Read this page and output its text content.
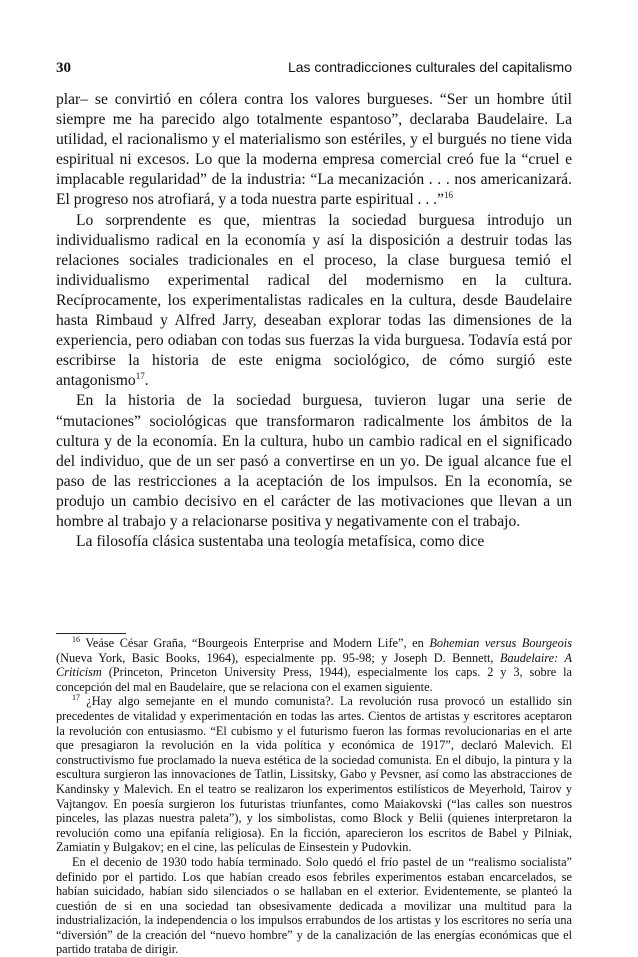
30	Las contradicciones culturales del capitalismo

plar– se convirtió en cólera contra los valores burgueses. “Ser un hombre útil siempre me ha parecido algo totalmente espantoso”, declaraba Baudelaire. La utilidad, el racionalismo y el materialismo son estériles, y el burgués no tiene vida espiritual ni excesos. Lo que la moderna empresa comercial creó fue la “cruel e implacable regularidad” de la industria: “La mecanización . . . nos americanizará. El progreso nos atrofiará, y a toda nuestra parte espiritual . . .”$^{16}$

Lo sorprendente es que, mientras la sociedad burguesa introdujo un individualismo radical en la economía y así la disposición a destruir todas las relaciones sociales tradicionales en el proceso, la clase burguesa temió el individualismo experimental radical del modernismo en la cultura. Recíprocamente, los experimentalistas radicales en la cultura, desde Baudelaire hasta Rimbaud y Alfred Jarry, deseaban explorar todas las dimensiones de la experiencia, pero odiaban con todas sus fuerzas la vida burguesa. Todavía está por escribirse la historia de este enigma sociológico, de cómo surgió este antagonismo$^{17}$.

En la historia de la sociedad burguesa, tuvieron lugar una serie de “mutaciones” sociológicas que transformaron radicalmente los ámbitos de la cultura y de la economía. En la cultura, hubo un cambio radical en el significado del individuo, que de un ser pasó a convertirse en un yo. De igual alcance fue el paso de las restricciones a la aceptación de los impulsos. En la economía, se produjo un cambio decisivo en el carácter de las motivaciones que llevan a un hombre al trabajo y a relacionarse positiva y negativamente con el trabajo.

La filosofía clásica sustentaba una teología metafísica, como dice

$^{16}$ Veáse César Graña, “Bourgeois Enterprise and Modern Life”, en Bohemian versus Bourgeois (Nueva York, Basic Books, 1964), especialmente pp. 95-98; y Joseph D. Bennett, Baudelaire: A Criticism (Princeton, Princeton University Press, 1944), especialmente los caps. 2 y 3, sobre la concepción del mal en Baudelaire, que se relaciona con el examen siguiente.

$^{17}$ ¿Hay algo semejante en el mundo comunista?. La revolución rusa provocó un estallido sin precedentes de vitalidad y experimentación en todas las artes. Cientos de artistas y escritores aceptaron la revolución con entusiasmo. “El cubismo y el futurismo fueron las formas revolucionarias en el arte que presagiaron la revolución en la vida política y económica de 1917”, declaró Malevich. El constructivismo fue proclamado la nueva estética de la sociedad comunista. En el dibujo, la pintura y la escultura surgieron las innovaciones de Tatlin, Lissitsky, Gabo y Pevsner, así como las abstracciones de Kandinsky y Malevich. En el teatro se realizaron los experimentos estilísticos de Meyerhold, Tairov y Vajtangov. En poesía surgieron los futuristas triunfantes, como Maiakovski (“las calles son nuestros pinceles, las plazas nuestra paleta”), y los simbolistas, como Block y Belii (quienes interpretaron la revolución como una epifanía religiosa). En la ficción, aparecieron los escritos de Babel y Pilniak, Zamiatin y Bulgakov; en el cine, las películas de Einsestein y Pudovkin.

En el decenio de 1930 todo había terminado. Solo quedó el frío pastel de un “realismo socialista” definido por el partido. Los que habían creado esos febriles experimentos estaban encarcelados, se habían suicidado, habían sido silenciados o se hallaban en el exterior. Evidentemente, se planteó la cuestión de si en una sociedad tan obsesivamente dedicada a movilizar una multitud para la industrialización, la independencia o los impulsos errabundos de los artistas y los escritores no sería una “diversión” de la creación del “nuevo hombre” y de la canalización de las energías económicas que el partido trataba de dirigir.
